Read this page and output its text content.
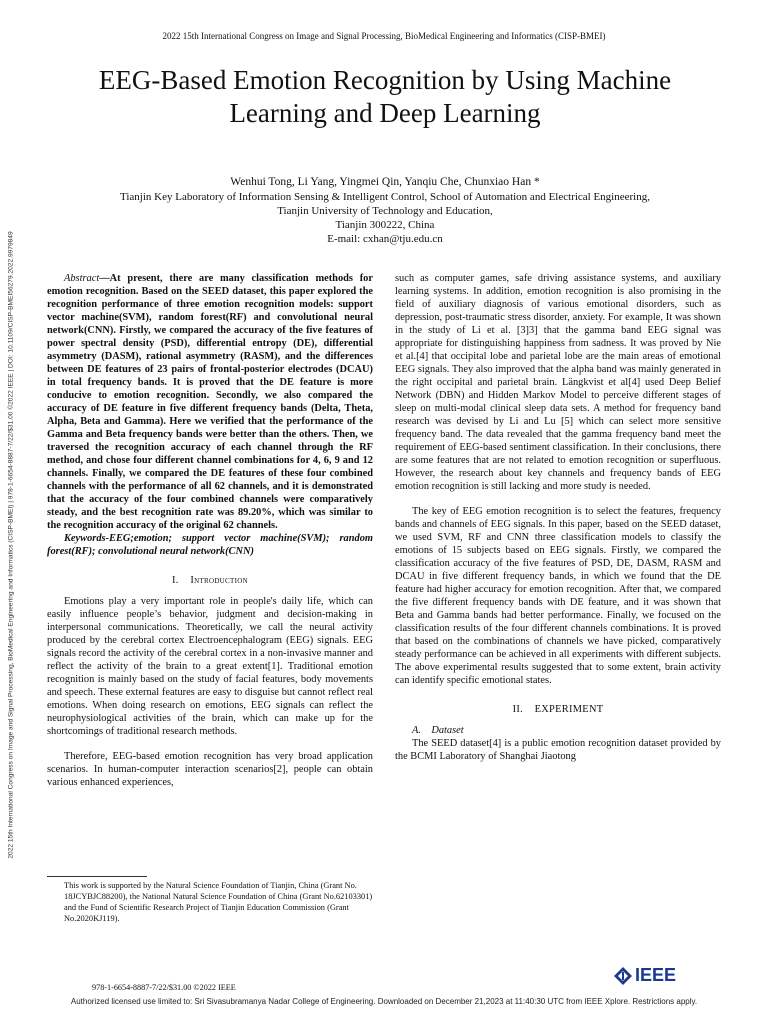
2022 15th International Congress on Image and Signal Processing, BioMedical Engineering and Informatics (CISP-BMEI)
2022 15th International Congress on Image and Signal Processing, BioMedical Engineering and Informatics (CISP-BMEI) | 978-1-6654-8887-7/22/$31.00 ©2022 IEEE | DOI: 10.1109/CISP-BMEI56279.2022.9979849
EEG-Based Emotion Recognition by Using Machine
Learning and Deep Learning
Wenhui Tong, Li Yang, Yingmei Qin, Yanqiu Che, Chunxiao Han *
Tianjin Key Laboratory of Information Sensing & Intelligent Control, School of Automation and Electrical Engineering,
Tianjin University of Technology and Education,
Tianjin 300222, China
E-mail: cxhan@tju.edu.cn

Abstract—At present, there are many classification methods for emotion recognition. Based on the SEED dataset, this paper explored the recognition performance of three emotion recognition models: support vector machine(SVM), random forest(RF) and convolutional neural network(CNN). Firstly, we compared the accuracy of the five features of power spectral density (PSD), differential entropy (DE), differential asymmetry (DASM), rational asymmetry (RASM), and the differences between DE features of 23 pairs of frontal-posterior electrodes (DCAU) in total frequency bands. It is proved that the DE feature is more conducive to emotion recognition. Secondly, we also compared the accuracy of DE feature in five different frequency bands (Delta, Theta, Alpha, Beta and Gamma). Here we verified that the performance of the Gamma and Beta frequency bands were better than the others. Then, we traversed the recognition accuracy of each channel through the RF method, and chose four different channel combinations for 4, 6, 9 and 12 channels. Finally, we compared the DE features of these four combined channels with the performance of all 62 channels, and it is demonstrated that the accuracy of the four combined channels were comparatively steady, and the best recognition rate was 89.20%, which was similar to the recognition accuracy of the original 62 channels.

Keywords-EEG;emotion; support vector machine(SVM); random forest(RF); convolutional neural network(CNN)

I. Introduction

Emotions play a very important role in people's daily life, which can easily influence people’s behavior, judgment and decision-making in interpersonal communications. Theoretically, we call the neural activity produced by the cerebral cortex Electroencephalogram (EEG) signals. EEG signals record the activity of the cerebral cortex in a non-invasive manner and reflect the activity of the brain to a great extent[1]. Traditional emotion recognition is mainly based on the study of facial features, body movements and speech. These external features are easy to disguise but cannot reflect real emotions. When doing research on emotions, EEG signals can reflect the neurophysiological activities of the brain, which can make up for the shortcomings of traditional research methods.

Therefore, EEG-based emotion recognition has very broad application scenarios. In human-computer interaction scenarios[2], people can obtain various enhanced experiences,

such as computer games, safe driving assistance systems, and auxiliary learning systems. In addition, emotion recognition is also promising in the field of auxiliary diagnosis of various emotional disorders, such as depression, post-traumatic stress disorder, anxiety. For example, It was shown in the study of Li et al. [3]3] that the gamma band EEG signal was appropriate for distinguishing happiness from sadness. It was proved by Nie et al.[4] that occipital lobe and parietal lobe are the main areas of emotional EEG signals. They also improved that the alpha band was mainly generated in the right occipital and parietal brain. Längkvist et al[4] used Deep Belief Network (DBN) and Hidden Markov Model to perceive different stages of sleep on multi-modal clinical sleep data sets. A method for frequency band research was devised by Li and Lu [5] which can select more sensitive frequency band. The data revealed that the gamma frequency band meet the requirement of EEG-based sentiment classification. In their conclusions, there are some features that are not related to emotion recognition or superfluous. However, the research about key channels and frequency bands of EEG emotion recognition is still lacking and more study is needed.

The key of EEG emotion recognition is to select the features, frequency bands and channels of EEG signals. In this paper, based on the SEED dataset, we used SVM, RF and CNN three classification models to classify the emotions of 15 subjects based on EEG signals. Firstly, we compared the classification accuracy of the five features of PSD, DE, DASM, RASM and DCAU in five different frequency bands, in which we found that the DE feature had higher accuracy for emotion recognition. After that, we compared the five different frequency bands with DE feature, and it was shown that Beta and Gamma bands had better performance. Finally, we focused on the classification results of the four different channels combinations. It is proved that based on the combinations of channels we have picked, comparatively steady performance can be achieved in all experiments with different subjects. The above experimental results suggested that to some extent, brain activity can identify specific emotional states.

II. EXPERIMENT

A. Dataset

The SEED dataset[4] is a public emotion recognition dataset provided by the BCMI Laboratory of Shanghai Jiaotong

This work is supported by the Natural Science Foundation of Tianjin, China (Grant No. 18JCYBJC88200), the National Natural Science Foundation of China (Grant No.62103301) and the Fund of Scientific Research Project of Tianjin Education Commission (Grant No.2020KJ119).

978-1-6654-8887-7/22/$31.00 ©2022 IEEE
IEEE
Authorized licensed use limited to: Sri Sivasubramanya Nadar College of Engineering. Downloaded on December 21,2023 at 11:40:30 UTC from IEEE Xplore. Restrictions apply.
